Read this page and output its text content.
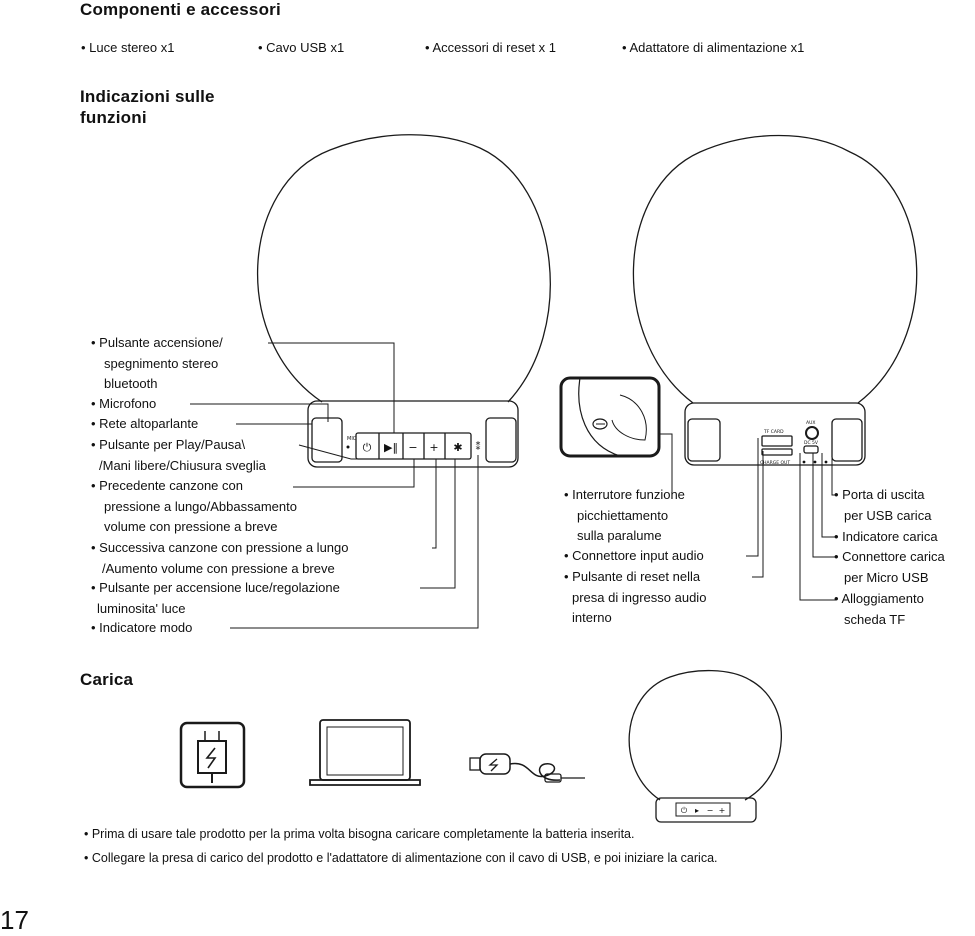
Componenti e accessori
• Luce stereo x1	• Cavo USB x1	• Accessori di reset x 1	• Adattatore di alimentazione x1
Indicazioni sulle
funzioni
⏻ ▶‖ − + ✱ ⁑
MIC
TF CARD
CHARGE OUT
AUX
DC 5V
⏻ ▸ − +
• Pulsante accensione/
spegnimento stereo
bluetooth
• Microfono
• Rete altoparlante
• Pulsante per Play/Pausa\
/Mani libere/Chiusura sveglia
• Precedente canzone con
pressione a lungo/Abbassamento
volume con pressione a breve
• Successiva canzone con pressione a lungo
/Aumento volume con pressione a breve
• Pulsante per accensione luce/regolazione
luminosita' luce
• Indicatore modo
• Interrutore funzione
picchiettamento
sulla paralume
• Connettore input audio
• Pulsante di reset nella
presa di ingresso audio
interno
• Porta di uscita
per USB carica
• Indicatore carica
• Connettore carica
per Micro USB
• Alloggiamento
scheda TF
Carica
• Prima di usare tale prodotto per la prima volta bisogna caricare completamente la batteria inserita.
• Collegare la presa di carico del prodotto e l'adattatore di alimentazione con il cavo di USB, e poi iniziare la carica.
17
